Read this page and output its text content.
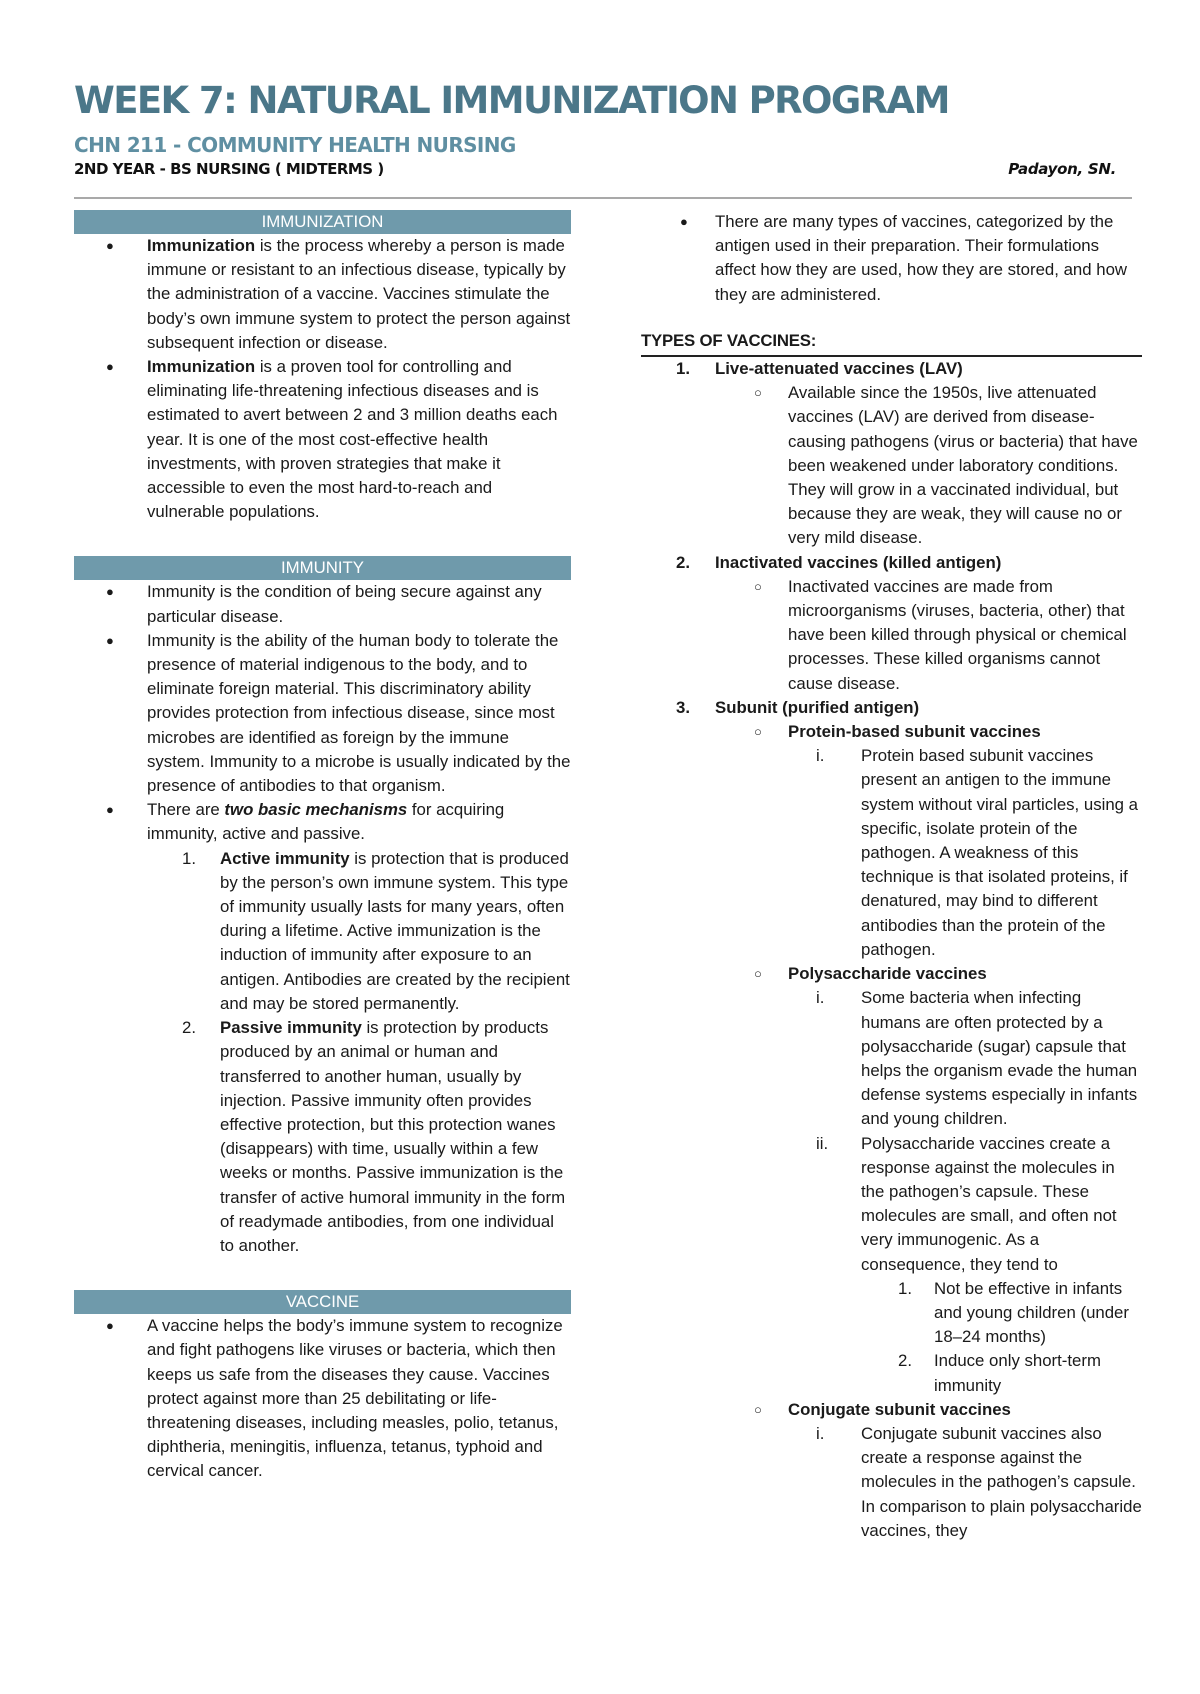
WEEK 7: NATURAL IMMUNIZATION PROGRAM
CHN 211 - COMMUNITY HEALTH NURSING
2ND YEAR - BS NURSING ( MIDTERMS )	Padayon, SN.
IMMUNIZATION
● Immunization is the process whereby a person is made immune or resistant to an infectious disease, typically by the administration of a vaccine. Vaccines stimulate the body’s own immune system to protect the person against subsequent infection or disease.
● Immunization is a proven tool for controlling and eliminating life-threatening infectious diseases and is estimated to avert between 2 and 3 million deaths each year. It is one of the most cost-effective health investments, with proven strategies that make it accessible to even the most hard-to-reach and vulnerable populations.
IMMUNITY
● Immunity is the condition of being secure against any particular disease.
● Immunity is the ability of the human body to tolerate the presence of material indigenous to the body, and to eliminate foreign material. This discriminatory ability provides protection from infectious disease, since most microbes are identified as foreign by the immune system. Immunity to a microbe is usually indicated by the presence of antibodies to that organism.
● There are two basic mechanisms for acquiring immunity, active and passive.
1. Active immunity is protection that is produced by the person’s own immune system. This type of immunity usually lasts for many years, often during a lifetime. Active immunization is the induction of immunity after exposure to an antigen. Antibodies are created by the recipient and may be stored permanently.
2. Passive immunity is protection by products produced by an animal or human and transferred to another human, usually by injection. Passive immunity often provides effective protection, but this protection wanes (disappears) with time, usually within a few weeks or months. Passive immunization is the transfer of active humoral immunity in the form of readymade antibodies, from one individual to another.
VACCINE
● A vaccine helps the body’s immune system to recognize and fight pathogens like viruses or bacteria, which then keeps us safe from the diseases they cause. Vaccines protect against more than 25 debilitating or life-threatening diseases, including measles, polio, tetanus, diphtheria, meningitis, influenza, tetanus, typhoid and cervical cancer.
● There are many types of vaccines, categorized by the antigen used in their preparation. Their formulations affect how they are used, how they are stored, and how they are administered.
TYPES OF VACCINES:
1. Live-attenuated vaccines (LAV)
○ Available since the 1950s, live attenuated vaccines (LAV) are derived from disease-causing pathogens (virus or bacteria) that have been weakened under laboratory conditions. They will grow in a vaccinated individual, but because they are weak, they will cause no or very mild disease.
2. Inactivated vaccines (killed antigen)
○ Inactivated vaccines are made from microorganisms (viruses, bacteria, other) that have been killed through physical or chemical processes. These killed organisms cannot cause disease.
3. Subunit (purified antigen)
○ Protein-based subunit vaccines
i. Protein based subunit vaccines present an antigen to the immune system without viral particles, using a specific, isolate protein of the pathogen. A weakness of this technique is that isolated proteins, if denatured, may bind to different antibodies than the protein of the pathogen.
○ Polysaccharide vaccines
i. Some bacteria when infecting humans are often protected by a polysaccharide (sugar) capsule that helps the organism evade the human defense systems especially in infants and young children.
ii. Polysaccharide vaccines create a response against the molecules in the pathogen’s capsule. These molecules are small, and often not very immunogenic. As a consequence, they tend to
1. Not be effective in infants and young children (under 18–24 months)
2. Induce only short-term immunity
○ Conjugate subunit vaccines
i. Conjugate subunit vaccines also create a response against the molecules in the pathogen’s capsule. In comparison to plain polysaccharide vaccines, they
